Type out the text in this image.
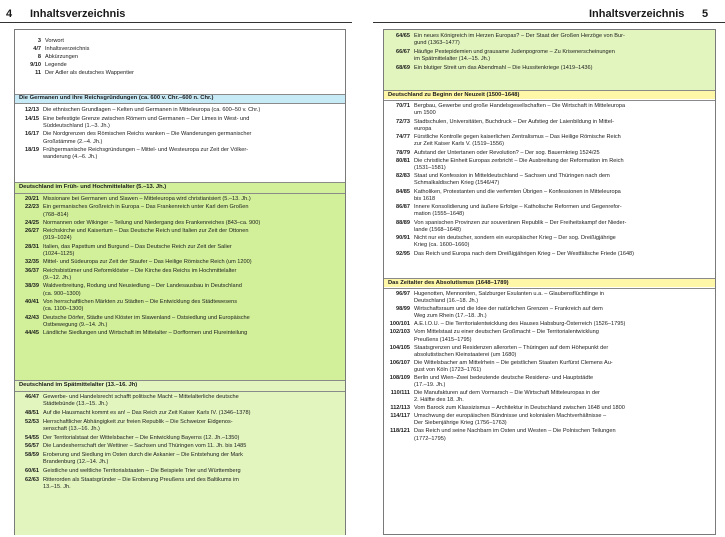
4 Inhaltsverzeichnis
3 Vorwort
4/7 Inhaltsverzeichnis
8 Abkürzungen
9/10 Legende
11 Der Adler als deutsches Wappentier
Die Germanen und ihre Reichsgründungen (ca. 600 v. Chr.–600 n. Chr.)
12/13 Die ethnischen Grundlagen – Kelten und Germanen in Mitteleuropa (ca. 600–50 v. Chr.)
14/15 Eine befestigte Grenze zwischen Römern und Germanen – Der Limes in West- und
Süddeutschland (1.–3. Jh.)
16/17 Die Nordgrenzen des Römischen Reichs wanken – Die Wanderungen germanischer
Großstämme (2.–4. Jh.)
18/19 Frühgermanische Reichsgründungen – Mittel- und Westeuropa zur Zeit der Völker-
wanderung (4.–6. Jh.)
Deutschland im Früh- und Hochmittelalter (5.–13. Jh.)
20/21 Missionare bei Germanen und Slawen – Mitteleuropa wird christianisiert (5.–13. Jh.)
22/23 Ein germanisches Großreich in Europa – Das Frankenreich unter Karl dem Großen
(768–814)
24/25 Normannen oder Wikinger – Teilung und Niedergang des Frankenreiches (843–ca. 900)
26/27 Reichskirche und Kaisertum – Das Deutsche Reich und Italien zur Zeit der Ottonen
(919–1024)
28/31 Italien, das Papsttum und Burgund – Das Deutsche Reich zur Zeit der Salier
(1024–1125)
32/35 Mittel- und Südeuropa zur Zeit der Staufer – Das Heilige Römische Reich (um 1200)
36/37 Reichsbistümer und Reformklöster – Die Kirche des Reichs im Hochmittelalter
(9.–12. Jh.)
38/39 Waldverbreitung, Rodung und Neusiedlung – Der Landesausbau in Deutschland
(ca. 900–1300)
40/41 Von herrschaftlichen Märkten zu Städten – Die Entwicklung des Städtewesens
(ca. 1100–1300)
42/43 Deutsche Dörfer, Städte und Klöster im Slawenland – Ostsiedlung und Europäische
Ostbewegung (9.–14. Jh.)
44/45 Ländliche Siedlungen und Wirtschaft im Mittelalter – Dorfformen und Flureinteilung
Deutschland im Spätmittelalter (13.–16. Jh)
46/47 Gewerbe- und Handelsrecht schafft politische Macht – Mittelalterliche deutsche
Städtebünde (13.–15. Jh.)
48/51 Auf die Hausmacht kommt es an! – Das Reich zur Zeit Kaiser Karls IV. (1346–1378)
52/53 Herrschaftlicher Abhängigkeit zur freien Republik – Die Schweizer Eidgenos-
senschaft (13.–16. Jh.)
54/55 Der Territorialstaat der Wittelsbacher – Die Entwicklung Bayerns (12. Jh.–1350)
56/57 Die Landesherrschaft der Wettiner – Sachsen und Thüringen vom 11. Jh. bis 1485
58/59 Eroberung und Siedlung im Osten durch die Askanier – Die Entstehung der Mark
Brandenburg (12.–14. Jh.)
60/61 Geistliche und weltliche Territorialstaaten – Die Beispiele Trier und Württemberg
62/63 Ritterorden als Staatsgründer – Die Eroberung Preußens und des Baltikums im
13.–15. Jh.
Inhaltsverzeichnis 5
64/65 Ein neues Königreich im Herzen Europas? – Der Staat der Großen Herzöge von Bur-
gund (1363–1477)
66/67 Häufige Pestepidemien und grausame Judenpogrome – Zu Krisenerscheinungen
im Spätmittelalter (14.–15. Jh.)
68/69 Ein blutiger Streit um das Abendmahl – Die Hussitenkriege (1419–1436)
Deutschland zu Beginn der Neuzeit (1500–1648)
70/71 Bergbau, Gewerbe und große Handelsgesellschaften – Die Wirtschaft in Mitteleuropa
um 1500
72/73 Stadtschulen, Universitäten, Buchdruck – Der Aufstieg der Laienbildung in Mittel-
europa
74/77 Fürstliche Kontrolle gegen kaiserlichen Zentralismus – Das Heilige Römische Reich
zur Zeit Kaiser Karls V. (1519–1556)
78/79 Aufstand der Untertanen oder Revolution? – Der sog. Bauernkrieg 1524/25
80/81 Die christliche Einheit Europas zerbricht – Die Ausbreitung der Reformation im Reich
(1531–1581)
82/83 Staat und Konfession in Mitteldeutschland – Sachsen und Thüringen nach dem
Schmalkaldischen Krieg (1546/47)
84/85 Katholiken, Protestanten und die verfemten Übrigen – Konfessionen in Mitteleuropa
bis 1618
86/87 Innere Konsolidierung und äußere Erfolge – Katholische Reformen und Gegenrefor-
mation (1555–1648)
88/89 Von spanischen Provinzen zur souveränen Republik – Der Freiheitskampf der Nieder-
lande (1568–1648)
90/91 Nicht nur ein deutscher, sondern ein europäischer Krieg – Der sog. Dreißigjährige
Krieg (ca. 1600–1660)
92/95 Das Reich und Europa nach dem Dreißigjährigen Krieg – Der Westfälische Friede (1648)
Das Zeitalter des Absolutismus (1648–1789)
96/97 Hugenotten, Mennoniten, Salzburger Exulanten u.a. – Glaubensflüchtlinge in
Deutschland (16.–18. Jh.)
98/99 Wirtschaftsraum und die Idee der natürlichen Grenzen – Frankreich auf dem
Weg zum Rhein (17.–18. Jh.)
100/101 A.E.I.O.U. – Die Territorialentwicklung des Hauses Habsburg-Österreich (1526–1795)
102/103 Vom Mittelstaat zu einer deutschen Großmacht – Die Territorialentwicklung
Preußens (1415–1795)
104/105 Staatsgrenzen und Residenzen allerorten – Thüringen auf dem Höhepunkt der
absolutistischen Kleinstaaterei (um 1680)
106/107 Die Wittelsbacher am Mittelrhein – Die geistlichen Staaten Kurfürst Clemens Au-
gust von Köln (1723–1761)
108/109 Berlin und Wien–Zwei bedeutende deutsche Residenz- und Hauptstädte
(17.–19. Jh.)
110/111 Die Manufakturen auf dem Vormarsch – Die Wirtschaft Mitteleuropas in der
2. Hälfte des 18. Jh.
112/113 Vom Barock zum Klassizismus – Architektur in Deutschland zwischen 1648 und 1800
114/117 Umschwung der europäischen Bündnisse und kolonialen Machtverhältnisse –
Der Siebenjährige Krieg (1756–1763)
118/121 Das Reich und seine Nachbarn im Osten und Westen – Die Polnischen Teilungen
(1772–1795)
